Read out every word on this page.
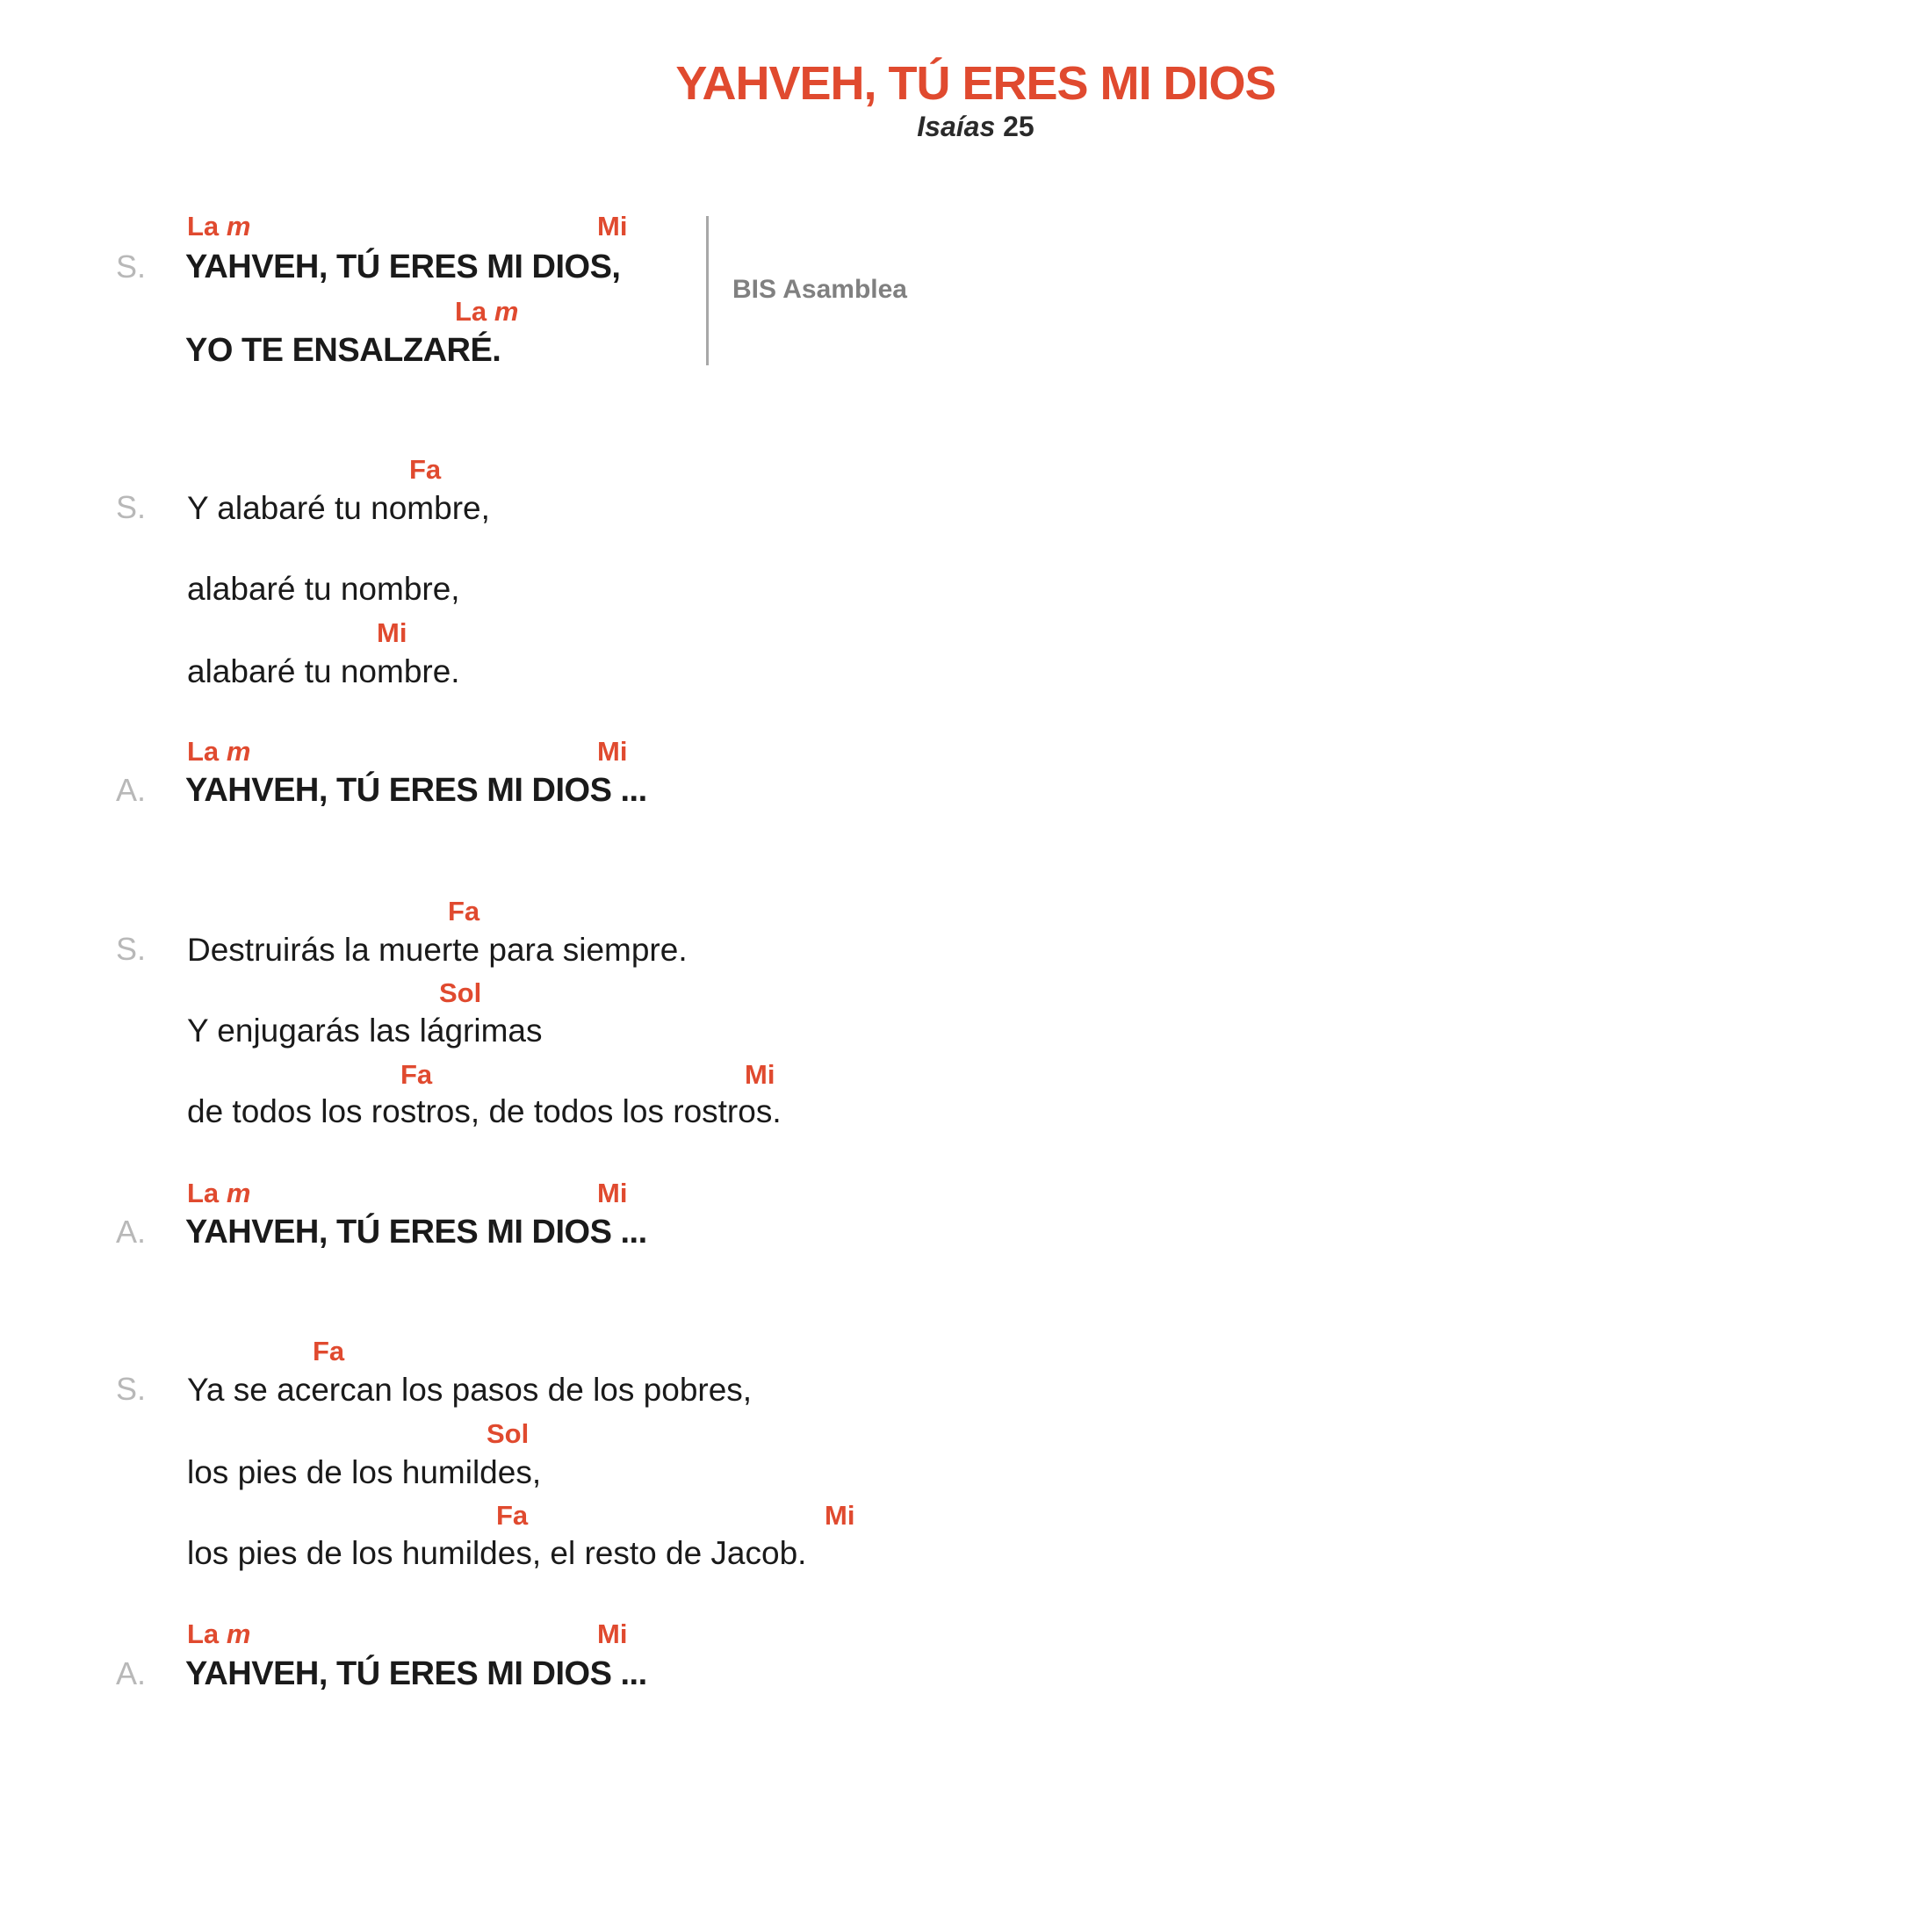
YAHVEH, TÚ ERES MI DIOS
Isaías 25
La m	Mi
S. YAHVEH, TÚ ERES MI DIOS,
La m
YO TE ENSALZARÉ.
BIS Asamblea
Fa
S. Y alabaré tu nombre,
alabaré tu nombre,
Mi
alabaré tu nombre.
La m	Mi
A. YAHVEH, TÚ ERES MI DIOS ...
Fa
S. Destruirás la muerte para siempre.
Sol
Y enjugarás las lágrimas
Fa	Mi
de todos los rostros, de todos los rostros.
La m	Mi
A. YAHVEH, TÚ ERES MI DIOS ...
Fa
S. Ya se acercan los pasos de los pobres,
Sol
los pies de los humildes,
Fa	Mi
los pies de los humildes, el resto de Jacob.
La m	Mi
A. YAHVEH, TÚ ERES MI DIOS ...
